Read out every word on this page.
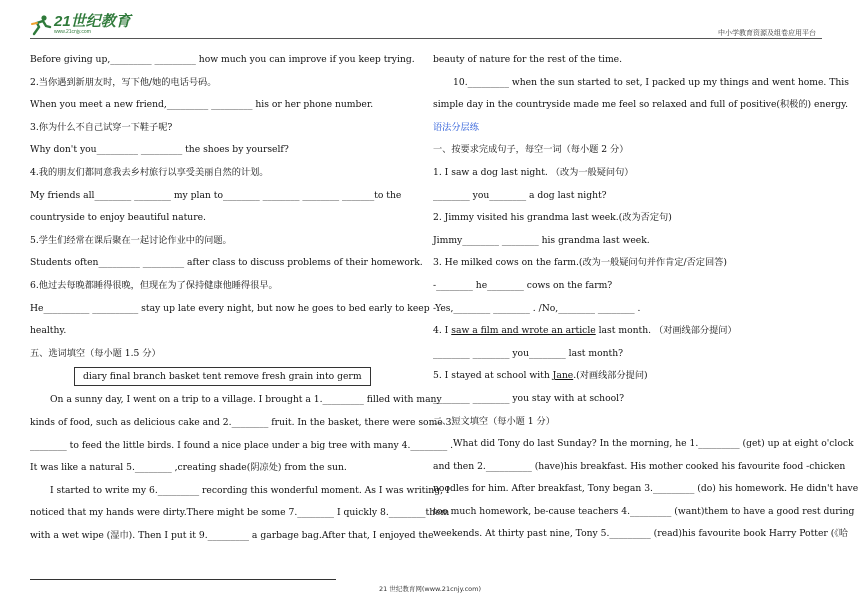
21世纪教育
www.21cnjy.com	中小学教育资源及组卷应用平台

Before giving up,_________ _________ how much you can improve if you keep trying.

2.当你遇到新朋友时，写下他/她的电话号码。

When you meet a new friend,_________ _________ his or her phone number.

3.你为什么不自己试穿一下鞋子呢?

Why don't you_________ _________ the shoes by yourself?

4.我的朋友们都同意我去乡村旅行以享受美丽自然的计划。

My friends all________ ________ my plan to________ ________ ________ _______to the

countryside to enjoy beautiful nature.

5.学生们经常在课后聚在一起讨论作业中的问题。

Students often_________ _________ after class to discuss problems of their homework.

6.他过去每晚都睡得很晚，但现在为了保持健康他睡得很早。

He__________ __________ stay up late every night, but now he goes to bed early to keep

healthy.

五、选词填空（每小题 1.5 分）

diary final branch basket tent remove fresh grain into germ

On a sunny day, I went on a trip to a village. I brought a 1._________ filled with many

kinds of food, such as delicious cake and 2.________ fruit. In the basket, there were some 3.

________ to feed the little birds. I found a nice place under a big tree with many 4.________ .

It was like a natural 5.________ ,creating shade(阴凉处) from the sun.

I started to write my 6._________ recording this wonderful moment. As I was writing, I

noticed that my hands were dirty.There might be some 7.________ I quickly 8.________them

with a wet wipe (湿巾). Then I put it 9._________ a garbage bag.After that, I enjoyed the

beauty of nature for the rest of the time.

10._________ when the sun started to set, I packed up my things and went home. This

simple day in the countryside made me feel so relaxed and full of positive(积极的) energy.

语法分层练

一、按要求完成句子，每空一词（每小题 2 分）

1. I saw a dog last night. （改为一般疑问句）

________ you________ a dog last night?

2. Jimmy visited his grandma last week.(改为否定句)

Jimmy________ ________ his grandma last week.

3. He milked cows on the farm.(改为一般疑问句并作肯定/否定回答)

-________ he________ cows on the farm?

-Yes,________ ________ . /No,________ ________ .

4. I saw a film and wrote an article last month. （对画线部分提问）

________ ________ you________ last month?

5. I stayed at school with Jane.(对画线部分提问)

________ ________ you stay with at school?

二、短文填空（每小题 1 分）

What did Tony do last Sunday? In the morning, he 1._________ (get) up at eight o'clock

and then 2.__________ (have)his breakfast. His mother cooked his favourite food -chicken

noodles for him. After breakfast, Tony began 3._________ (do) his homework. He didn't have

too much homework, be-cause teachers 4._________ (want)them to have a good rest during

weekends. At thirty past nine, Tony 5._________ (read)his favourite book Harry Potter (《哈

21 世纪教育网(www.21cnjy.com)
